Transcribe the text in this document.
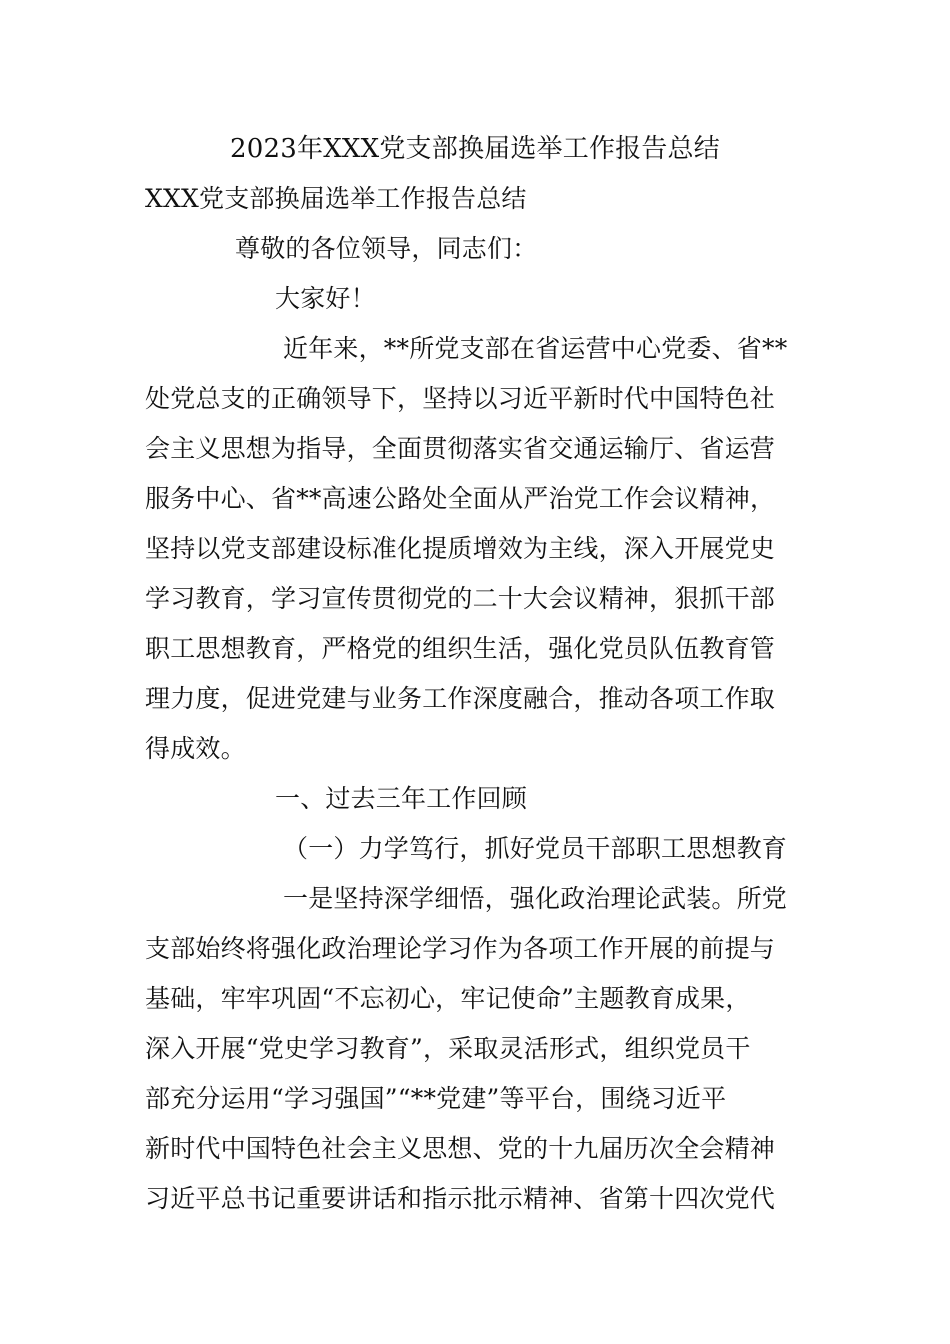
2023年XXX党支部换届选举工作报告总结
XXX党支部换届选举工作报告总结
尊敬的各位领导，同志们：
大家好！
近年来，**所党支部在省运营中心党委、省**
处党总支的正确领导下，坚持以习近平新时代中国特色社
会主义思想为指导，全面贯彻落实省交通运输厅、省运营
服务中心、省**高速公路处全面从严治党工作会议精神，
坚持以党支部建设标准化提质增效为主线，深入开展党史
学习教育，学习宣传贯彻党的二十大会议精神，狠抓干部
职工思想教育，严格党的组织生活，强化党员队伍教育管
理力度，促进党建与业务工作深度融合，推动各项工作取
得成效。
一、过去三年工作回顾
（一）力学笃行，抓好党员干部职工思想教育
一是坚持深学细悟，强化政治理论武装。所党
支部始终将强化政治理论学习作为各项工作开展的前提与
基础，牢牢巩固“不忘初心，牢记使命”主题教育成果，
深入开展“党史学习教育”，采取灵活形式，组织党员干
部充分运用“学习强国”“**党建”等平台，围绕习近平
新时代中国特色社会主义思想、党的十九届历次全会精神
习近平总书记重要讲话和指示批示精神、省第十四次党代
